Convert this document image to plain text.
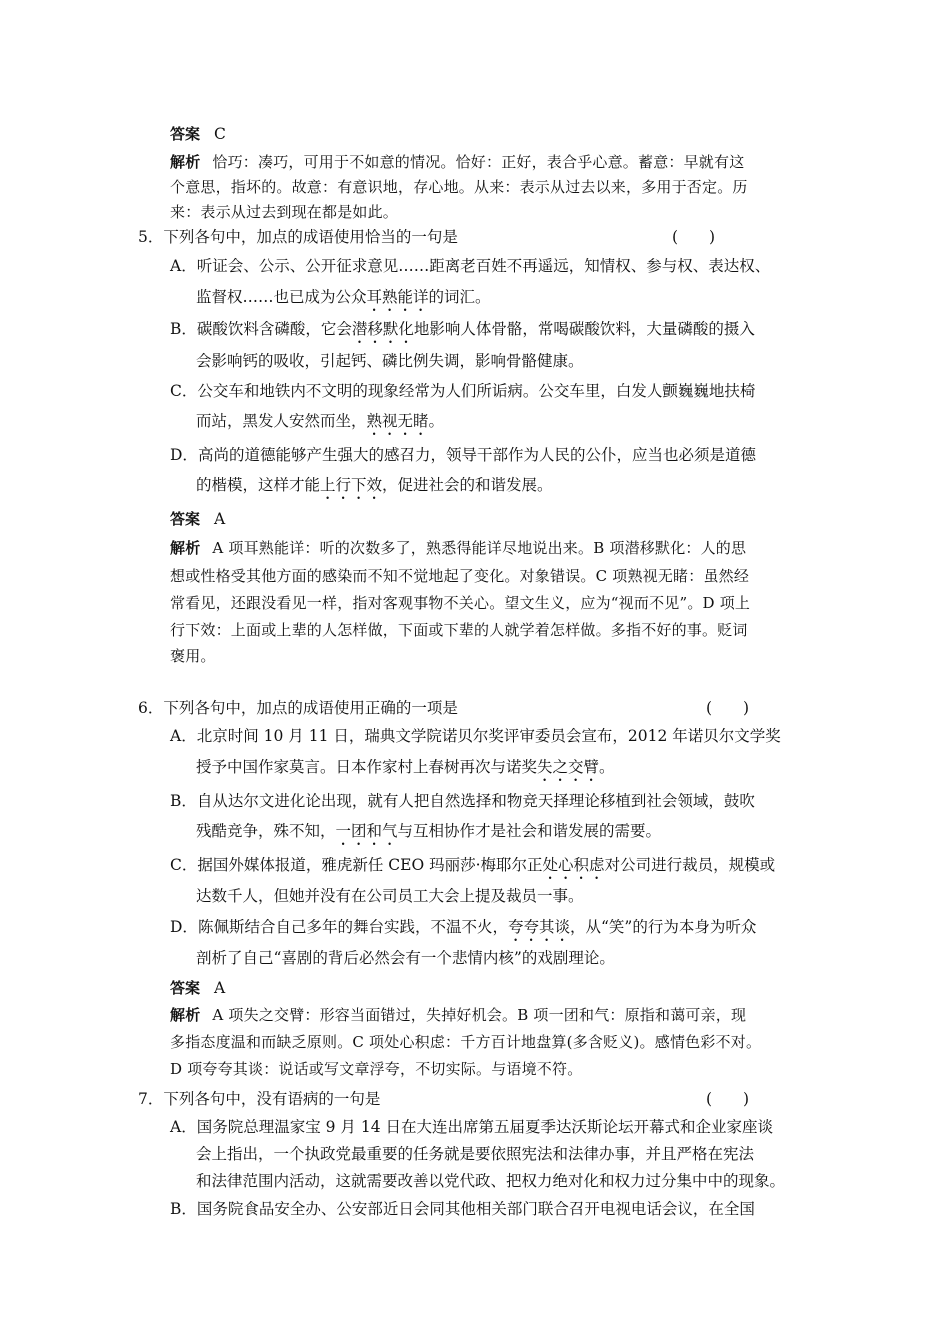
答案 C
解析 恰巧：凑巧，可用于不如意的情况。恰好：正好，表合乎心意。蓄意：早就有这
个意思，指坏的。故意：有意识地，存心地。从来：表示从过去以来，多用于否定。历
来：表示从过去到现在都是如此。
5．下列各句中，加点的成语使用恰当的一句是	(　　)
A．听证会、公示、公开征求意见……距离老百姓不再遥远，知情权、参与权、表达权、
监督权……也已成为公众耳熟能详的词汇。
B．碳酸饮料含磷酸，它会潜移默化地影响人体骨骼，常喝碳酸饮料，大量磷酸的摄入
会影响钙的吸收，引起钙、磷比例失调，影响骨骼健康。
C．公交车和地铁内不文明的现象经常为人们所诟病。公交车里，白发人颤巍巍地扶椅
而站，黑发人安然而坐，熟视无睹。
D．高尚的道德能够产生强大的感召力，领导干部作为人民的公仆，应当也必须是道德
的楷模，这样才能上行下效，促进社会的和谐发展。
答案 A
解析 A 项耳熟能详：听的次数多了，熟悉得能详尽地说出来。B 项潜移默化：人的思
想或性格受其他方面的感染而不知不觉地起了变化。对象错误。C 项熟视无睹：虽然经
常看见，还跟没看见一样，指对客观事物不关心。望文生义，应为“视而不见”。D 项上
行下效：上面或上辈的人怎样做，下面或下辈的人就学着怎样做。多指不好的事。贬词
褒用。
6．下列各句中，加点的成语使用正确的一项是	(　　)
A．北京时间 10 月 11 日，瑞典文学院诺贝尔奖评审委员会宣布，2012 年诺贝尔文学奖
授予中国作家莫言。日本作家村上春树再次与诺奖失之交臂。
B．自从达尔文进化论出现，就有人把自然选择和物竞天择理论移植到社会领域，鼓吹
残酷竞争，殊不知，一团和气与互相协作才是社会和谐发展的需要。
C．据国外媒体报道，雅虎新任 CEO 玛丽莎·梅耶尔正处心积虑对公司进行裁员，规模或
达数千人，但她并没有在公司员工大会上提及裁员一事。
D．陈佩斯结合自己多年的舞台实践，不温不火，夸夸其谈，从“笑”的行为本身为听众
剖析了自己“喜剧的背后必然会有一个悲情内核”的戏剧理论。
答案 A
解析 A 项失之交臂：形容当面错过，失掉好机会。B 项一团和气：原指和蔼可亲，现
多指态度温和而缺乏原则。C 项处心积虑：千方百计地盘算(多含贬义)。感情色彩不对。
D 项夸夸其谈：说话或写文章浮夸，不切实际。与语境不符。
7．下列各句中，没有语病的一句是	(　　)
A．国务院总理温家宝 9 月 14 日在大连出席第五届夏季达沃斯论坛开幕式和企业家座谈
会上指出，一个执政党最重要的任务就是要依照宪法和法律办事，并且严格在宪法
和法律范围内活动，这就需要改善以党代政、把权力绝对化和权力过分集中中的现象。
B．国务院食品安全办、公安部近日会同其他相关部门联合召开电视电话会议，在全国
